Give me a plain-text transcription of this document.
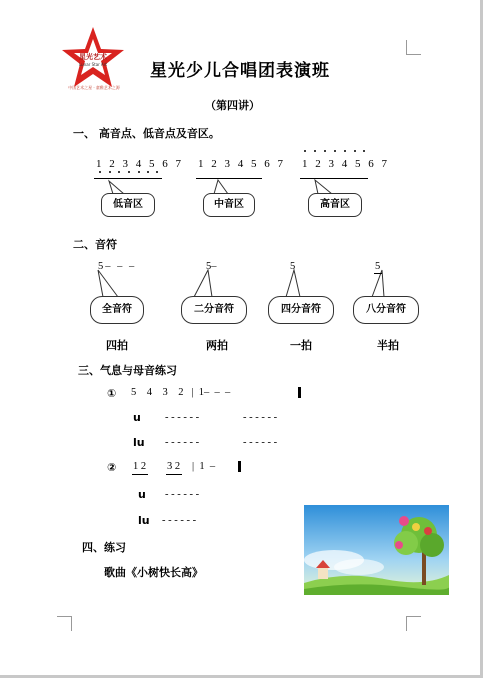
星光艺术
Lunar Star Art
中国艺术之星 · 童稚艺术之源
星光少儿合唱团表演班
（第四讲）
一、 高音点、低音点及音区。
1 2 3 4 5 6 7 1 2 3 4 5 6 7 1 2 3 4 5 6 7
低音区	中音区	高音区
二、音符
5– – –	5–	5	5
全音符	二分音符	四分音符	八分音符
四拍	两拍	一拍	半拍
三、气息与母音练习
① 5    4    3    2   |  1–  –  –
u - - - - - -	- - - - - -
lu - - - - - -	- - - - - -
② 1 2 3 2 |  1  –
u - - - - - -
lu - - - - - -
四、练习
歌曲《小树快长高》
